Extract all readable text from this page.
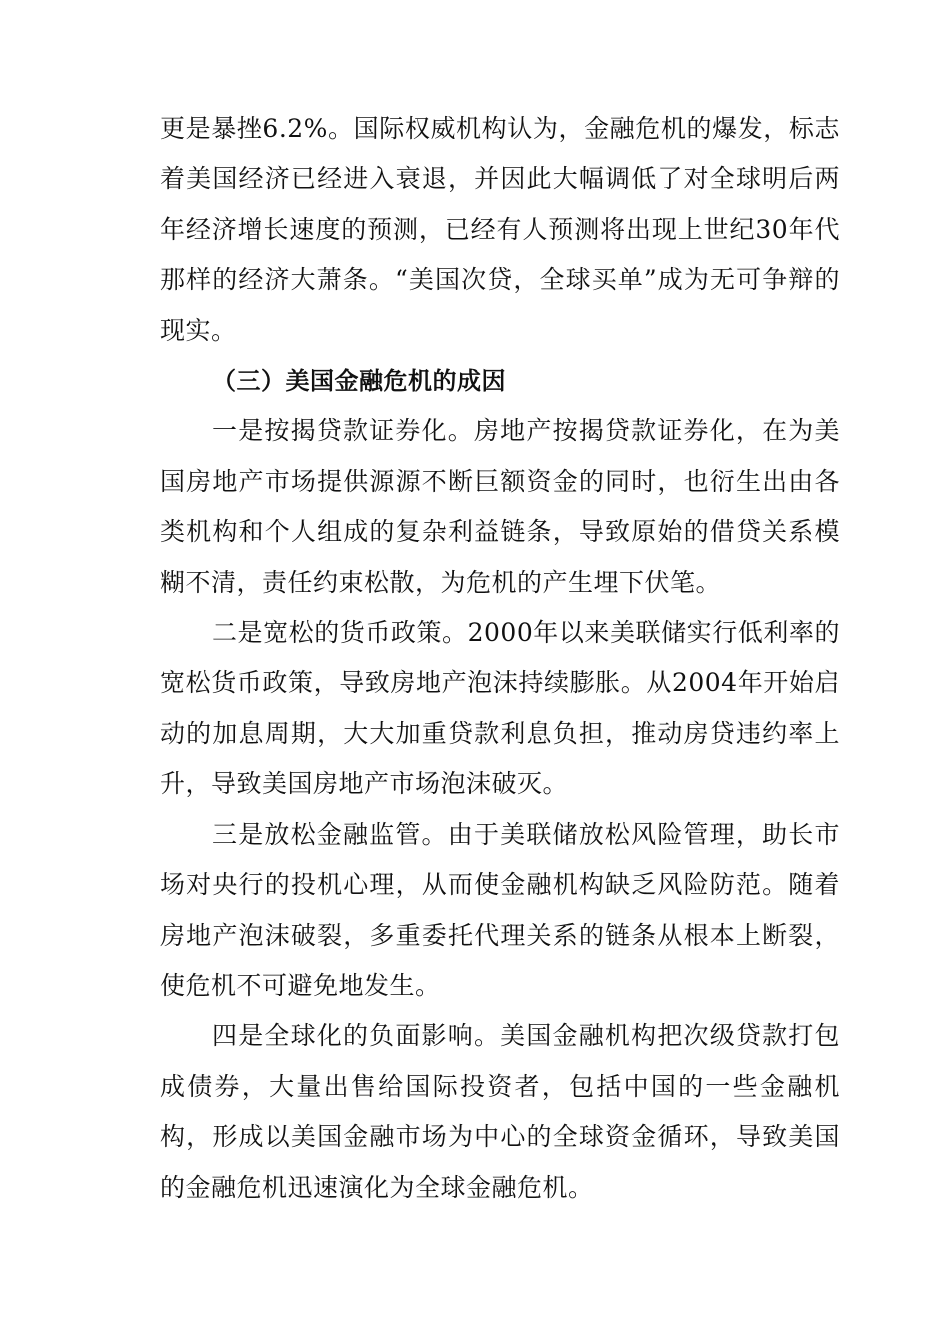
更是暴挫6.2%。国际权威机构认为，金融危机的爆发，标志着美国经济已经进入衰退，并因此大幅调低了对全球明后两年经济增长速度的预测，已经有人预测将出现上世纪30年代那样的经济大萧条。“美国次贷，全球买单”成为无可争辩的现实。

（三）美国金融危机的成因

一是按揭贷款证券化。房地产按揭贷款证券化，在为美国房地产市场提供源源不断巨额资金的同时，也衍生出由各类机构和个人组成的复杂利益链条，导致原始的借贷关系模糊不清，责任约束松散，为危机的产生埋下伏笔。

二是宽松的货币政策。2000年以来美联储实行低利率的宽松货币政策，导致房地产泡沫持续膨胀。从2004年开始启动的加息周期，大大加重贷款利息负担，推动房贷违约率上升，导致美国房地产市场泡沫破灭。

三是放松金融监管。由于美联储放松风险管理，助长市场对央行的投机心理，从而使金融机构缺乏风险防范。随着房地产泡沫破裂，多重委托代理关系的链条从根本上断裂，使危机不可避免地发生。

四是全球化的负面影响。美国金融机构把次级贷款打包成债券，大量出售给国际投资者，包括中国的一些金融机构，形成以美国金融市场为中心的全球资金循环，导致美国的金融危机迅速演化为全球金融危机。
